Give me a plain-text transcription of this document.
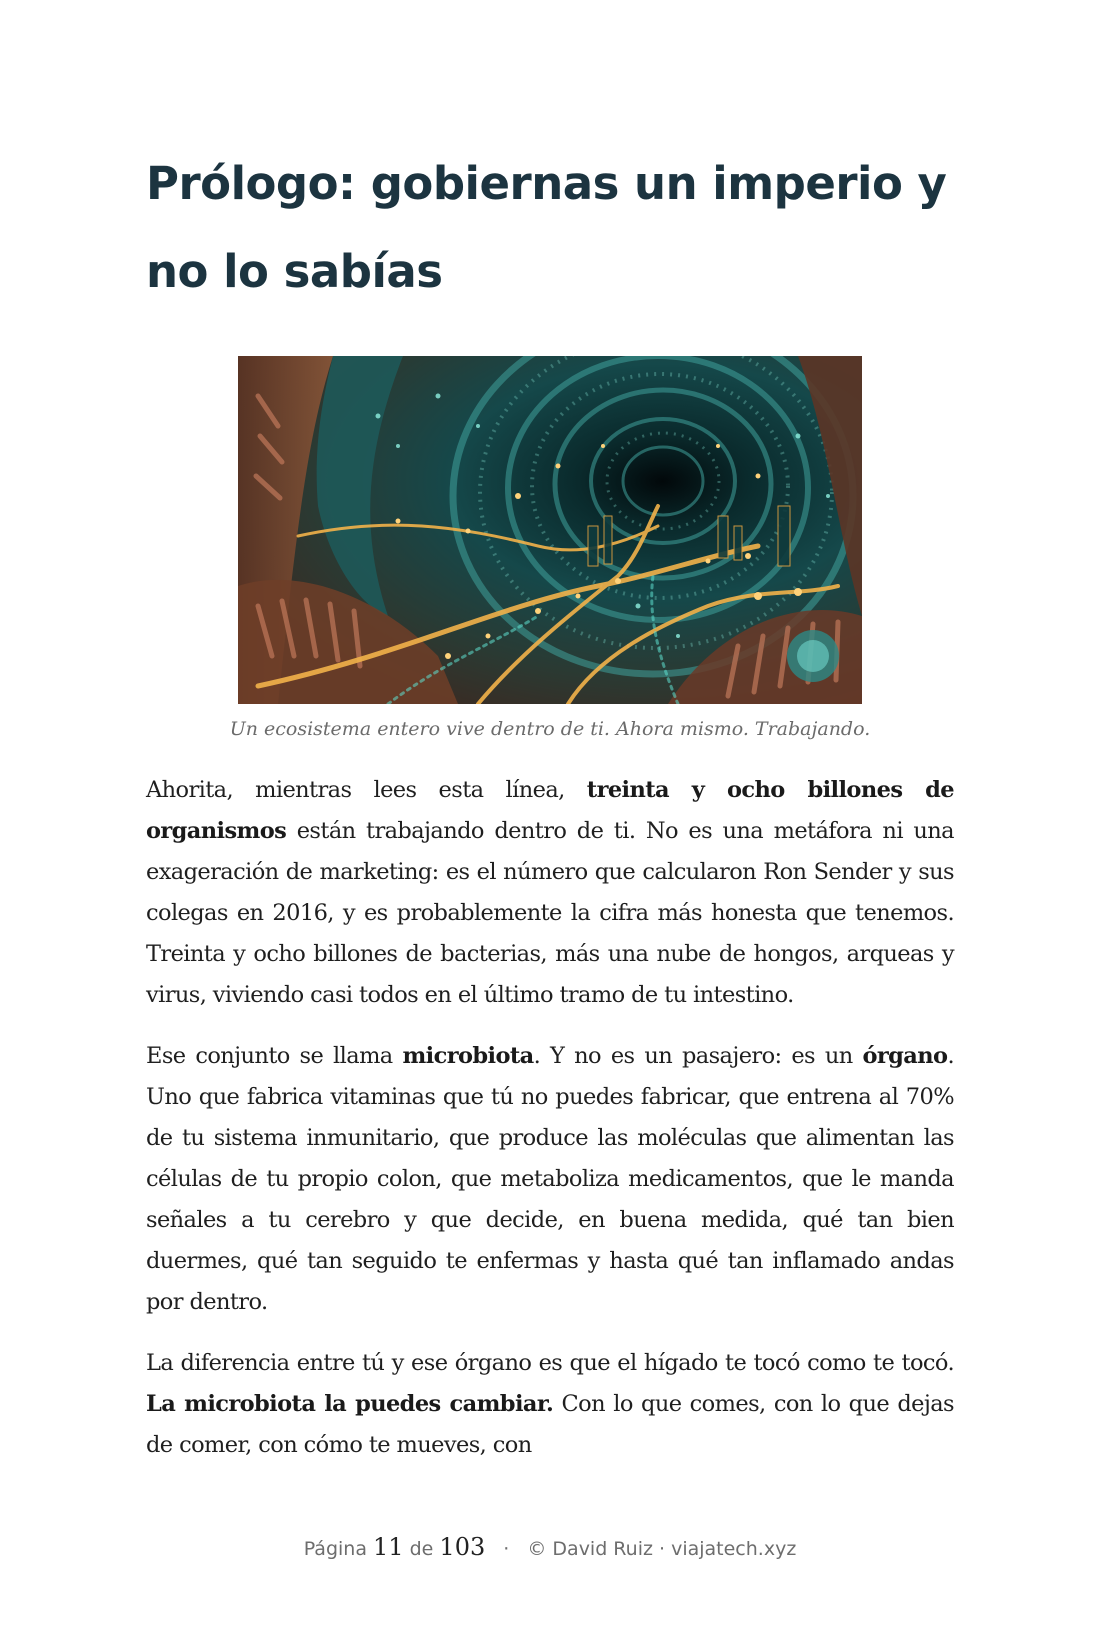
Prólogo: gobiernas un imperio y
no lo sabías
Un ecosistema entero vive dentro de ti. Ahora mismo. Trabajando.

Ahorita, mientras lees esta línea, treinta y ocho billones de organismos están trabajando dentro de ti. No es una metáfora ni una exageración de marketing: es el número que calcularon Ron Sender y sus colegas en 2016, y es probablemente la cifra más honesta que tenemos. Treinta y ocho billones de bacterias, más una nube de hongos, arqueas y virus, viviendo casi todos en el último tramo de tu intestino.

Ese conjunto se llama microbiota. Y no es un pasajero: es un órgano. Uno que fabrica vitaminas que tú no puedes fabricar, que entrena al 70% de tu sistema inmunitario, que produce las moléculas que alimentan las células de tu propio colon, que metaboliza medicamentos, que le manda señales a tu cerebro y que decide, en buena medida, qué tan bien duermes, qué tan seguido te enfermas y hasta qué tan inflamado andas por dentro.

La diferencia entre tú y ese órgano es que el hígado te tocó como te tocó. La microbiota la puedes cambiar. Con lo que comes, con lo que dejas de comer, con cómo te mueves, con

Página 11 de 103 · © David Ruiz · viajatech.xyz
